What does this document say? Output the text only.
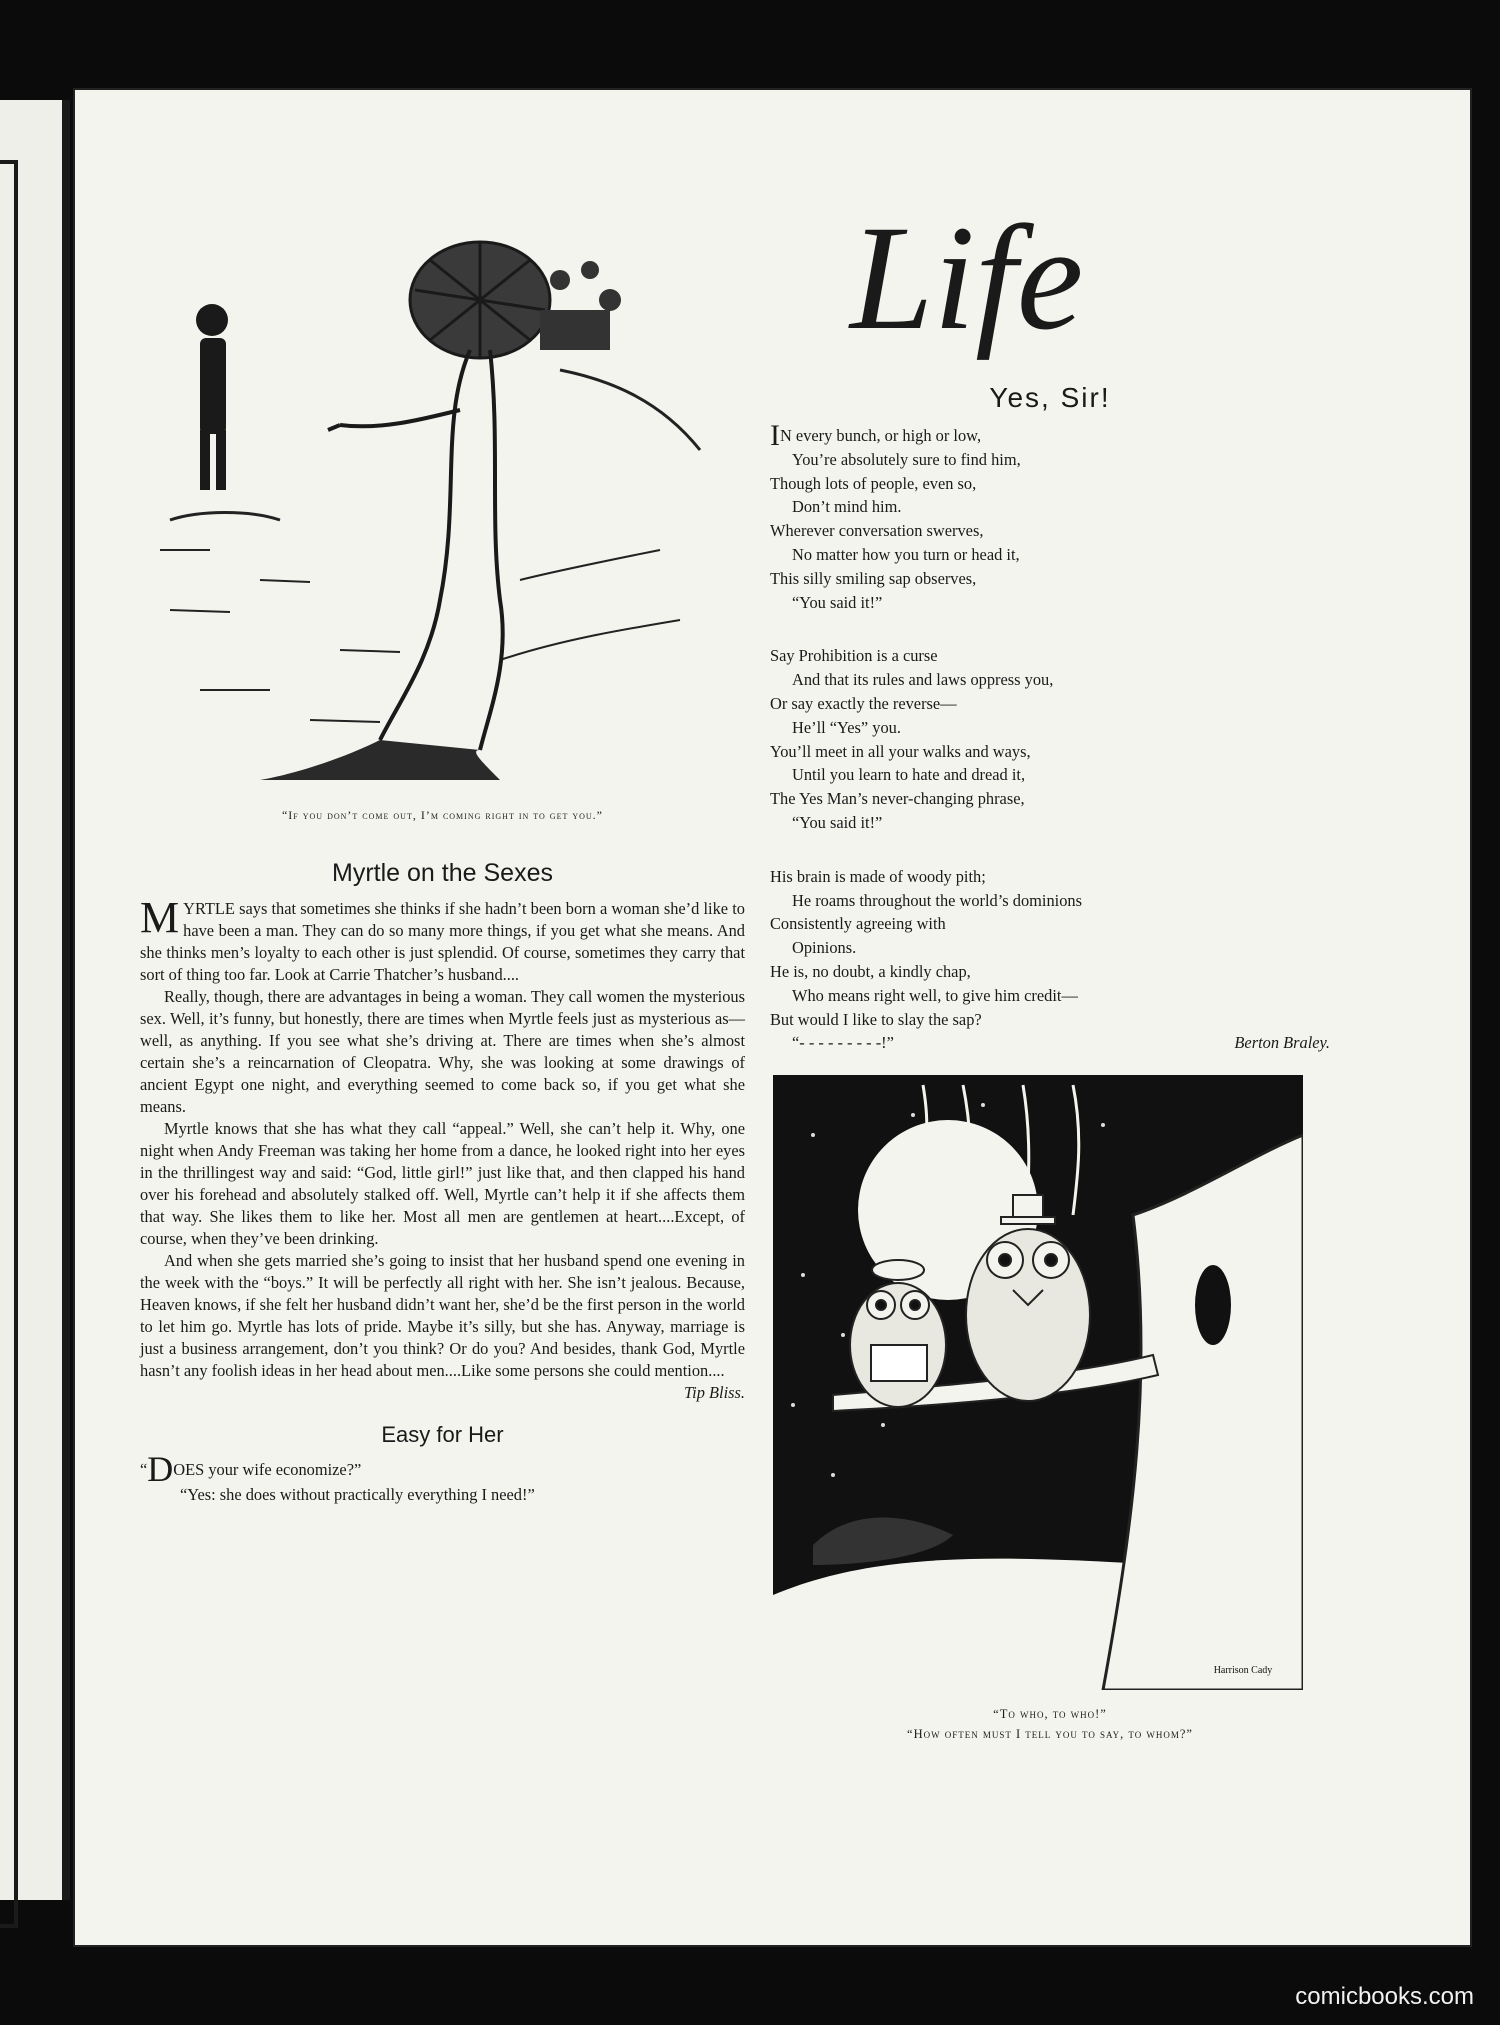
“If you don’t come out, I’m coming right in to get you.”
Myrtle on the Sexes

MYRTLE says that sometimes she thinks if she hadn’t been born a woman she’d like to have been a man. They can do so many more things, if you get what she means. And she thinks men’s loyalty to each other is just splendid. Of course, sometimes they carry that sort of thing too far. Look at Carrie Thatcher’s husband....

Really, though, there are advantages in being a woman. They call women the mysterious sex. Well, it’s funny, but honestly, there are times when Myrtle feels just as mysterious as—well, as anything. If you see what she’s driving at. There are times when she’s almost certain she’s a reincarnation of Cleopatra. Why, she was looking at some drawings of ancient Egypt one night, and everything seemed to come back so, if you get what she means.

Myrtle knows that she has what they call “appeal.” Well, she can’t help it. Why, one night when Andy Freeman was taking her home from a dance, he looked right into her eyes in the thrillingest way and said: “God, little girl!” just like that, and then clapped his hand over his forehead and absolutely stalked off. Well, Myrtle can’t help it if she affects them that way. She likes them to like her. Most all men are gentlemen at heart....Except, of course, when they’ve been drinking.

And when she gets married she’s going to insist that her husband spend one evening in the week with the “boys.” It will be perfectly all right with her. She isn’t jealous. Because, Heaven knows, if she felt her husband didn’t want her, she’d be the first person in the world to let him go. Myrtle has lots of pride. Maybe it’s silly, but she has. Anyway, marriage is just a business arrangement, don’t you think? Or do you? And besides, thank God, Myrtle hasn’t any foolish ideas in her head about men....Like some persons she could mention....
Tip Bliss.

Easy for Her

“DOES your wife economize?”

“Yes: she does without practically everything I need!”

Life
Yes, Sir!
IN every bunch, or high or low,
You’re absolutely sure to find him,
Though lots of people, even so,
Don’t mind him.
Wherever conversation swerves,
No matter how you turn or head it,
This silly smiling sap observes,
“You said it!”
Say Prohibition is a curse
And that its rules and laws oppress you,
Or say exactly the reverse—
He’ll “Yes” you.
You’ll meet in all your walks and ways,
Until you learn to hate and dread it,
The Yes Man’s never-changing phrase,
“You said it!”
His brain is made of woody pith;
He roams throughout the world’s dominions
Consistently agreeing with
Opinions.
He is, no doubt, a kindly chap,
Who means right well, to give him credit—
But would I like to slay the sap?
“- - - - - - - - -!”	Berton Braley.
Harrison Cady
“To who, to who!”
“How often must I tell you to say, to whom?”
comicbooks.com
